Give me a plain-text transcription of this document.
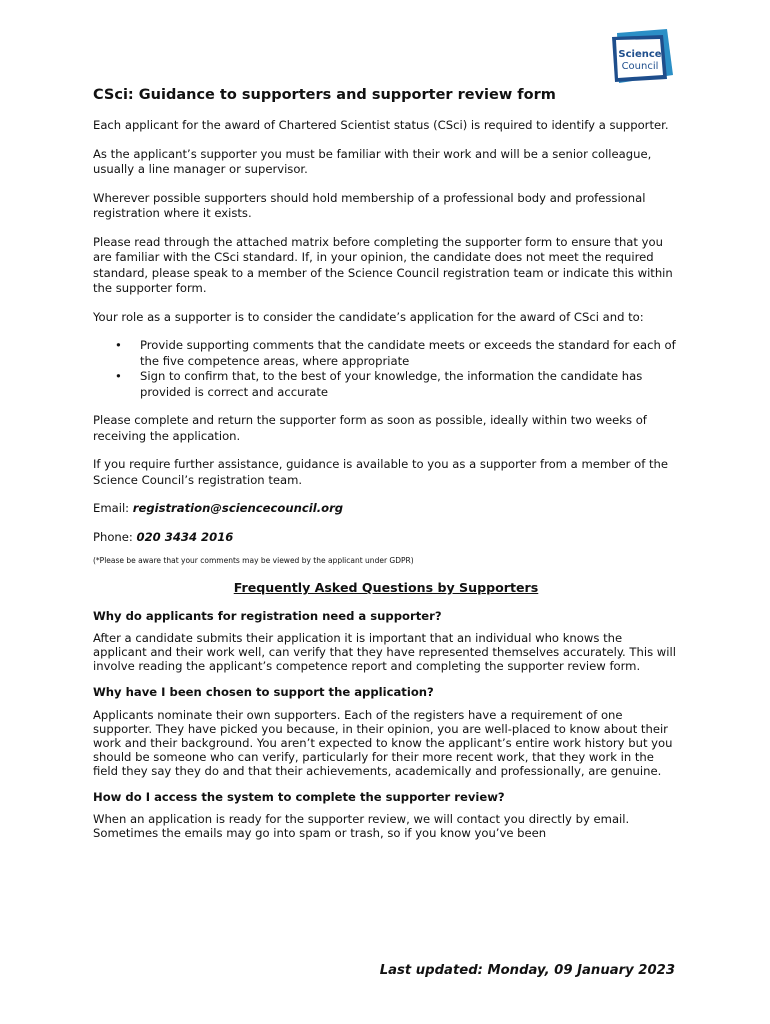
Science
Council
CSci: Guidance to supporters and supporter review form

Each applicant for the award of Chartered Scientist status (CSci) is required to identify a supporter.

As the applicant’s supporter you must be familiar with their work and will be a senior colleague, usually a line manager or supervisor.

Wherever possible supporters should hold membership of a professional body and professional registration where it exists.

Please read through the attached matrix before completing the supporter form to ensure that you are familiar with the CSci standard. If, in your opinion, the candidate does not meet the required standard, please speak to a member of the Science Council registration team or indicate this within the supporter form.

Your role as a supporter is to consider the candidate’s application for the award of CSci and to:

• Provide supporting comments that the candidate meets or exceeds the standard for each of the five competence areas, where appropriate
• Sign to confirm that, to the best of your knowledge, the information the candidate has provided is correct and accurate

Please complete and return the supporter form as soon as possible, ideally within two weeks of receiving the application.

If you require further assistance, guidance is available to you as a supporter from a member of the Science Council’s registration team.

Email: registration@sciencecouncil.org

Phone: 020 3434 2016

(*Please be aware that your comments may be viewed by the applicant under GDPR)

Frequently Asked Questions by Supporters

Why do applicants for registration need a supporter?

After a candidate submits their application it is important that an individual who knows the applicant and their work well, can verify that they have represented themselves accurately. This will involve reading the applicant’s competence report and completing the supporter review form.

Why have I been chosen to support the application?

Applicants nominate their own supporters. Each of the registers have a requirement of one supporter. They have picked you because, in their opinion, you are well-placed to know about their work and their background. You aren’t expected to know the applicant’s entire work history but you should be someone who can verify, particularly for their more recent work, that they work in the field they say they do and that their achievements, academically and professionally, are genuine.

How do I access the system to complete the supporter review?

When an application is ready for the supporter review, we will contact you directly by email. Sometimes the emails may go into spam or trash, so if you know you’ve been

Last updated: Monday, 09 January 2023
